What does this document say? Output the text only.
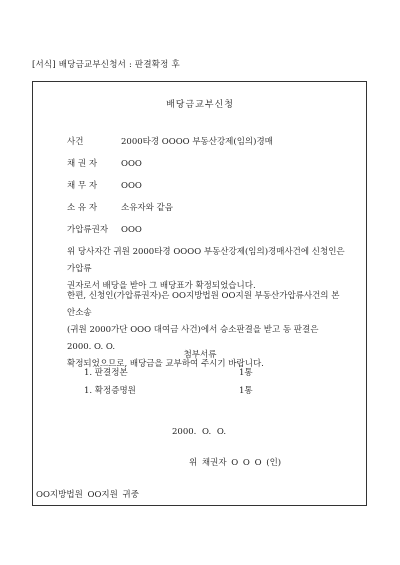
[서식] 배당금교부신청서 : 판결확정 후
배당금교부신청
사건	2000타경 OOOO 부동산강제(임의)경매
채 권 자	OOO
채 무 자	OOO
소 유 자	소유자와 같음
가압류권자 OOO
위 당사자간 귀원 2000타경 OOOO 부동산강제(임의)경매사건에 신청인은 가압류
권자로서 배당을 받아 그 배당표가 확정되었습니다.
한편, 신청인(가압류권자)은 OO지방법원 OO지원 부동산가압류사건의 본안소송
(귀원 2000가단 OOO 대여금 사건)에서 승소판결을 받고 동 판결은 2000. O. O.
확정되었으므로, 배당금을 교부하여 주시기 바랍니다.
첨부서류
1. 판결정본	1통
1. 확정증명원	1통
2000. O. O.
위 채권자 O O O (인)
OO지방법원 OO지원 귀중
